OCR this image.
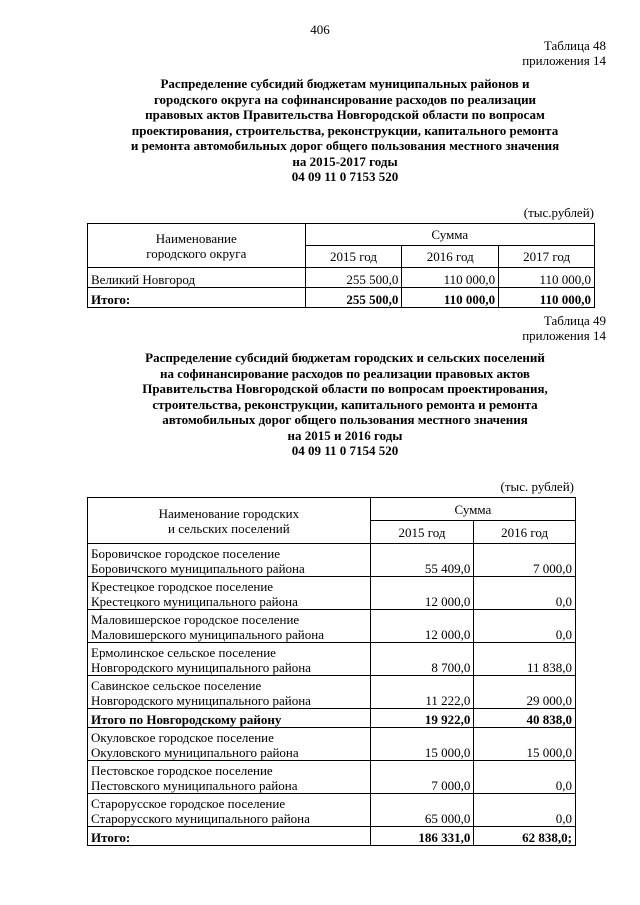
406
Таблица 48
приложения 14
Распределение субсидий бюджетам муниципальных районов и
городского округа на софинансирование расходов по реализации
правовых актов Правительства Новгородской области по вопросам
проектирования, строительства, реконструкции, капитального ремонта
и ремонта автомобильных дорог общего пользования местного значения
на 2015-2017 годы
04 09 11 0 7153 520
(тыс.рублей)
Наименование
городского округа	Сумма		
	2015 год	2016 год	2017 год
Великий Новгород	255 500,0	110 000,0	110 000,0
Итого:	255 500,0	110 000,0	110 000,0
Таблица 49
приложения 14
Распределение субсидий бюджетам городских и сельских поселений
на софинансирование расходов по реализации правовых актов
Правительства Новгородской области по вопросам проектирования,
строительства, реконструкции, капитального ремонта и ремонта
автомобильных дорог общего пользования местного значения
на 2015 и 2016 годы
04 09 11 0 7154 520
(тыс. рублей)
Наименование городских
и сельских поселений	Сумма	
	2015 год	2016 год

Боровичское городское поселение
Боровичского муниципального района	55 409,0	7 000,0

Крестецкое городское поселение
Крестецкого муниципального района	12 000,0	0,0

Маловишерское городское поселение
Маловишерского муниципального района	12 000,0	0,0

Ермолинское сельское поселение
Новгородского муниципального района	8 700,0	11 838,0

Савинское сельское поселение
Новгородского муниципального района	11 222,0	29 000,0
Итого по Новгородскому району	19 922,0	40 838,0

Окуловское городское поселение
Окуловского муниципального района	15 000,0	15 000,0

Пестовское городское поселение
Пестовского муниципального района	7 000,0	0,0

Старорусское городское поселение
Старорусского муниципального района	65 000,0	0,0
Итого:	186 331,0	62 838,0;
